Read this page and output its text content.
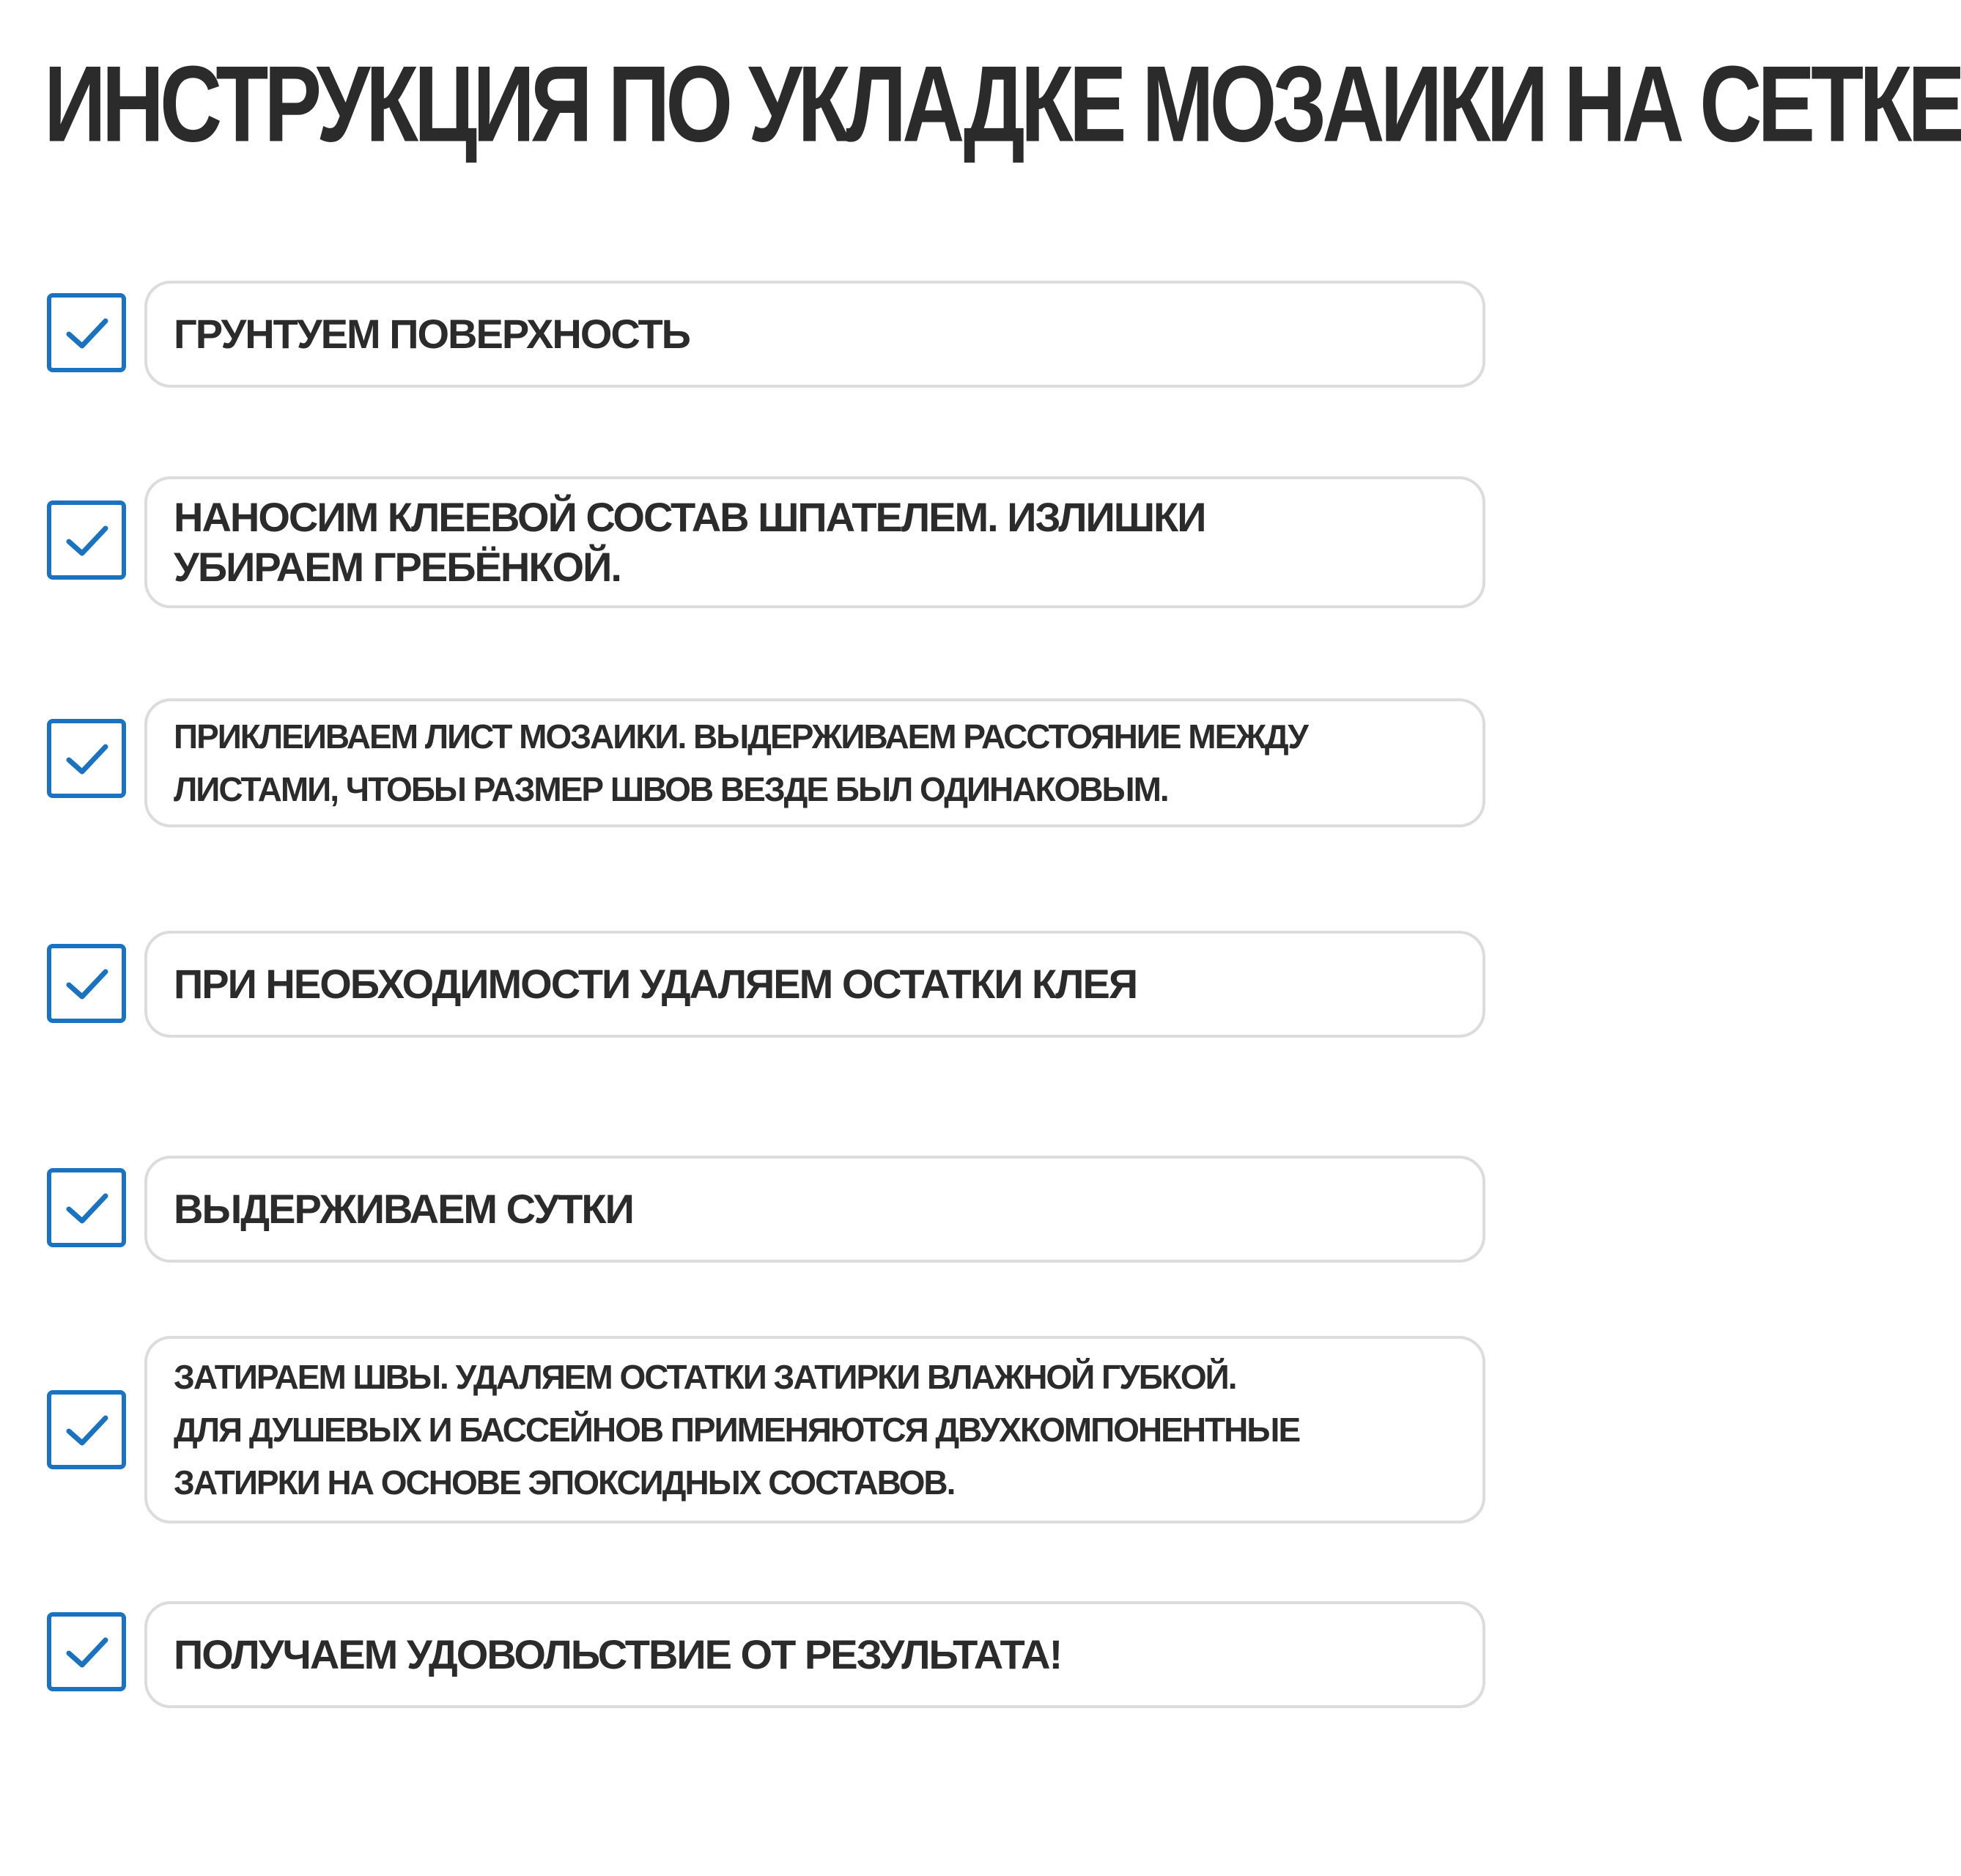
ИНСТРУКЦИЯ ПО УКЛАДКЕ МОЗАИКИ НА СЕТКЕ
ГРУНТУЕМ ПОВЕРХНОСТЬ
НАНОСИМ КЛЕЕВОЙ СОСТАВ ШПАТЕЛЕМ. ИЗЛИШКИ
УБИРАЕМ ГРЕБЁНКОЙ.
ПРИКЛЕИВАЕМ ЛИСТ МОЗАИКИ. ВЫДЕРЖИВАЕМ РАССТОЯНИЕ МЕЖДУ
ЛИСТАМИ, ЧТОБЫ РАЗМЕР ШВОВ ВЕЗДЕ БЫЛ ОДИНАКОВЫМ.
ПРИ НЕОБХОДИМОСТИ УДАЛЯЕМ ОСТАТКИ КЛЕЯ
ВЫДЕРЖИВАЕМ СУТКИ
ЗАТИРАЕМ ШВЫ. УДАЛЯЕМ ОСТАТКИ ЗАТИРКИ ВЛАЖНОЙ ГУБКОЙ.
ДЛЯ ДУШЕВЫХ И БАССЕЙНОВ ПРИМЕНЯЮТСЯ ДВУХКОМПОНЕНТНЫЕ
ЗАТИРКИ НА ОСНОВЕ ЭПОКСИДНЫХ СОСТАВОВ.
ПОЛУЧАЕМ УДОВОЛЬСТВИЕ ОТ РЕЗУЛЬТАТА!
